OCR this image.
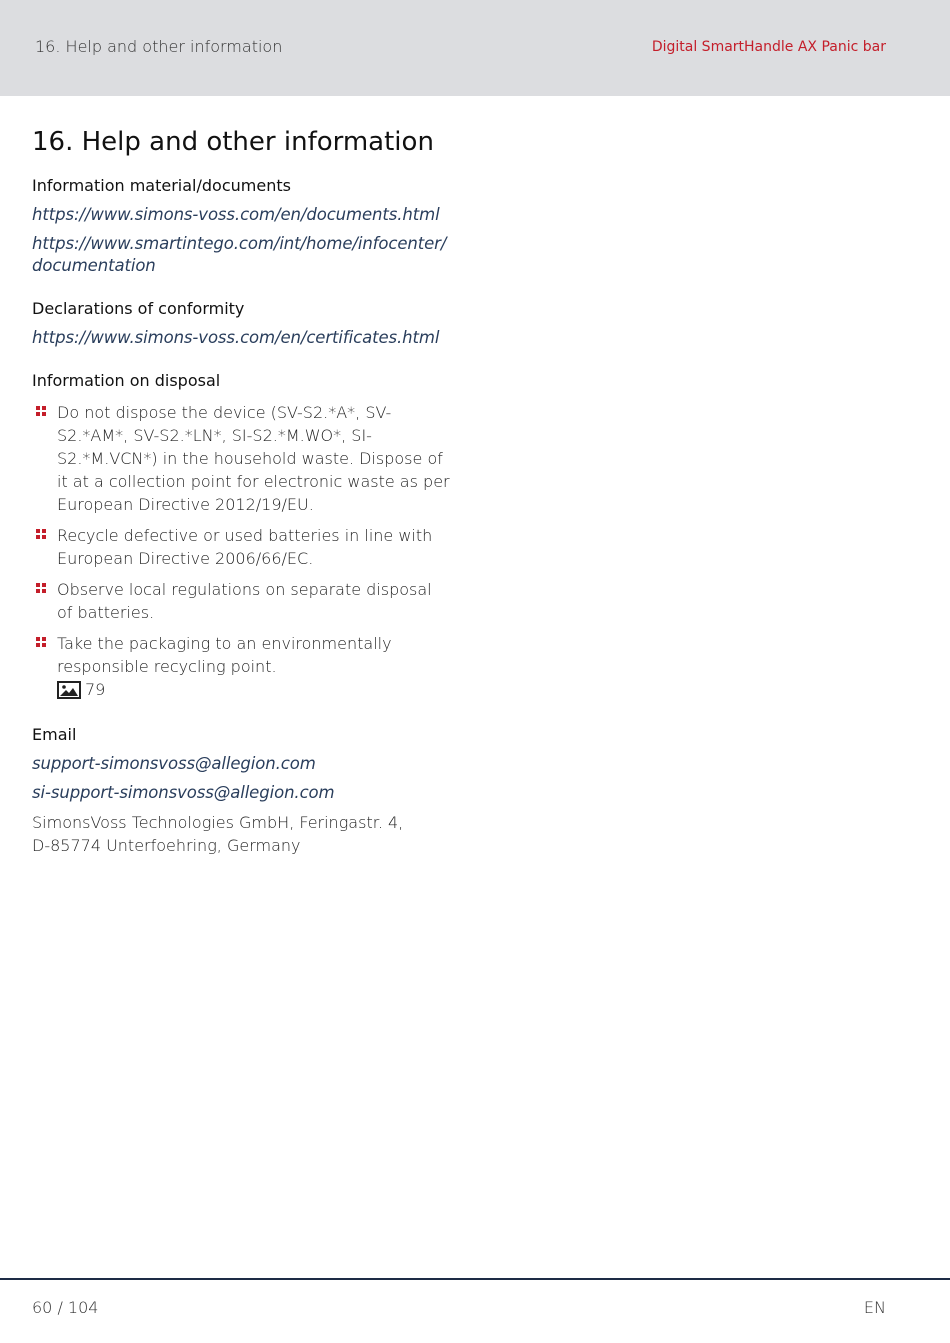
16. Help and other information	Digital SmartHandle AX Panic bar
16. Help and other information
Information material/documents
https://www.simons-voss.com/en/documents.html
https://www.smartintego.com/int/home/infocenter/
documentation
Declarations of conformity
https://www.simons-voss.com/en/certificates.html
Information on disposal
Do not dispose the device (SV-S2.*A*, SV-S2.*AM*, SV-S2.*LN*, SI-S2.*M.WO*, SI-S2.*M.VCN*) in the household waste. Dispose of it at a collection point for electronic waste as per European Directive 2012/19/EU.
Recycle defective or used batteries in line with European Directive 2006/66/EC.
Observe local regulations on separate disposal of batteries.
Take the packaging to an environmentally responsible recycling point.
79
Email
support-simonsvoss@allegion.com
si-support-simonsvoss@allegion.com
SimonsVoss Technologies GmbH, Feringastr. 4,
D-85774 Unterfoehring, Germany
60 / 104	EN
